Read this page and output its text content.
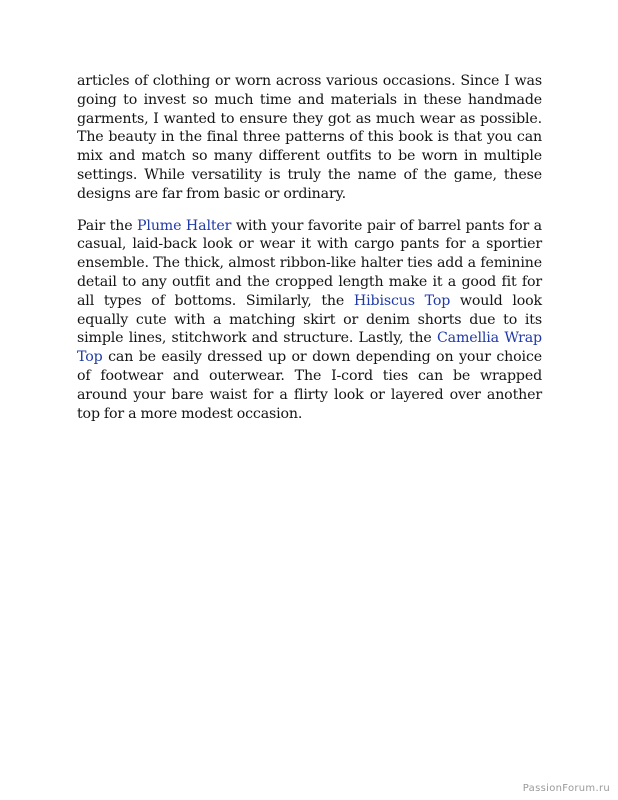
articles of clothing or worn across various occasions. Since I was going to invest so much time and materials in these handmade garments, I wanted to ensure they got as much wear as possible. The beauty in the final three patterns of this book is that you can mix and match so many different outfits to be worn in multiple settings. While versatility is truly the name of the game, these designs are far from basic or ordinary.

Pair the Plume Halter with your favorite pair of barrel pants for a casual, laid-back look or wear it with cargo pants for a sportier ensemble. The thick, almost ribbon-like halter ties add a feminine detail to any outfit and the cropped length make it a good fit for all types of bottoms. Similarly, the Hibiscus Top would look equally cute with a matching skirt or denim shorts due to its simple lines, stitchwork and structure. Lastly, the Camellia Wrap Top can be easily dressed up or down depending on your choice of footwear and outerwear. The I-cord ties can be wrapped around your bare waist for a flirty look or layered over another top for a more modest occasion.

PassionForum.ru
